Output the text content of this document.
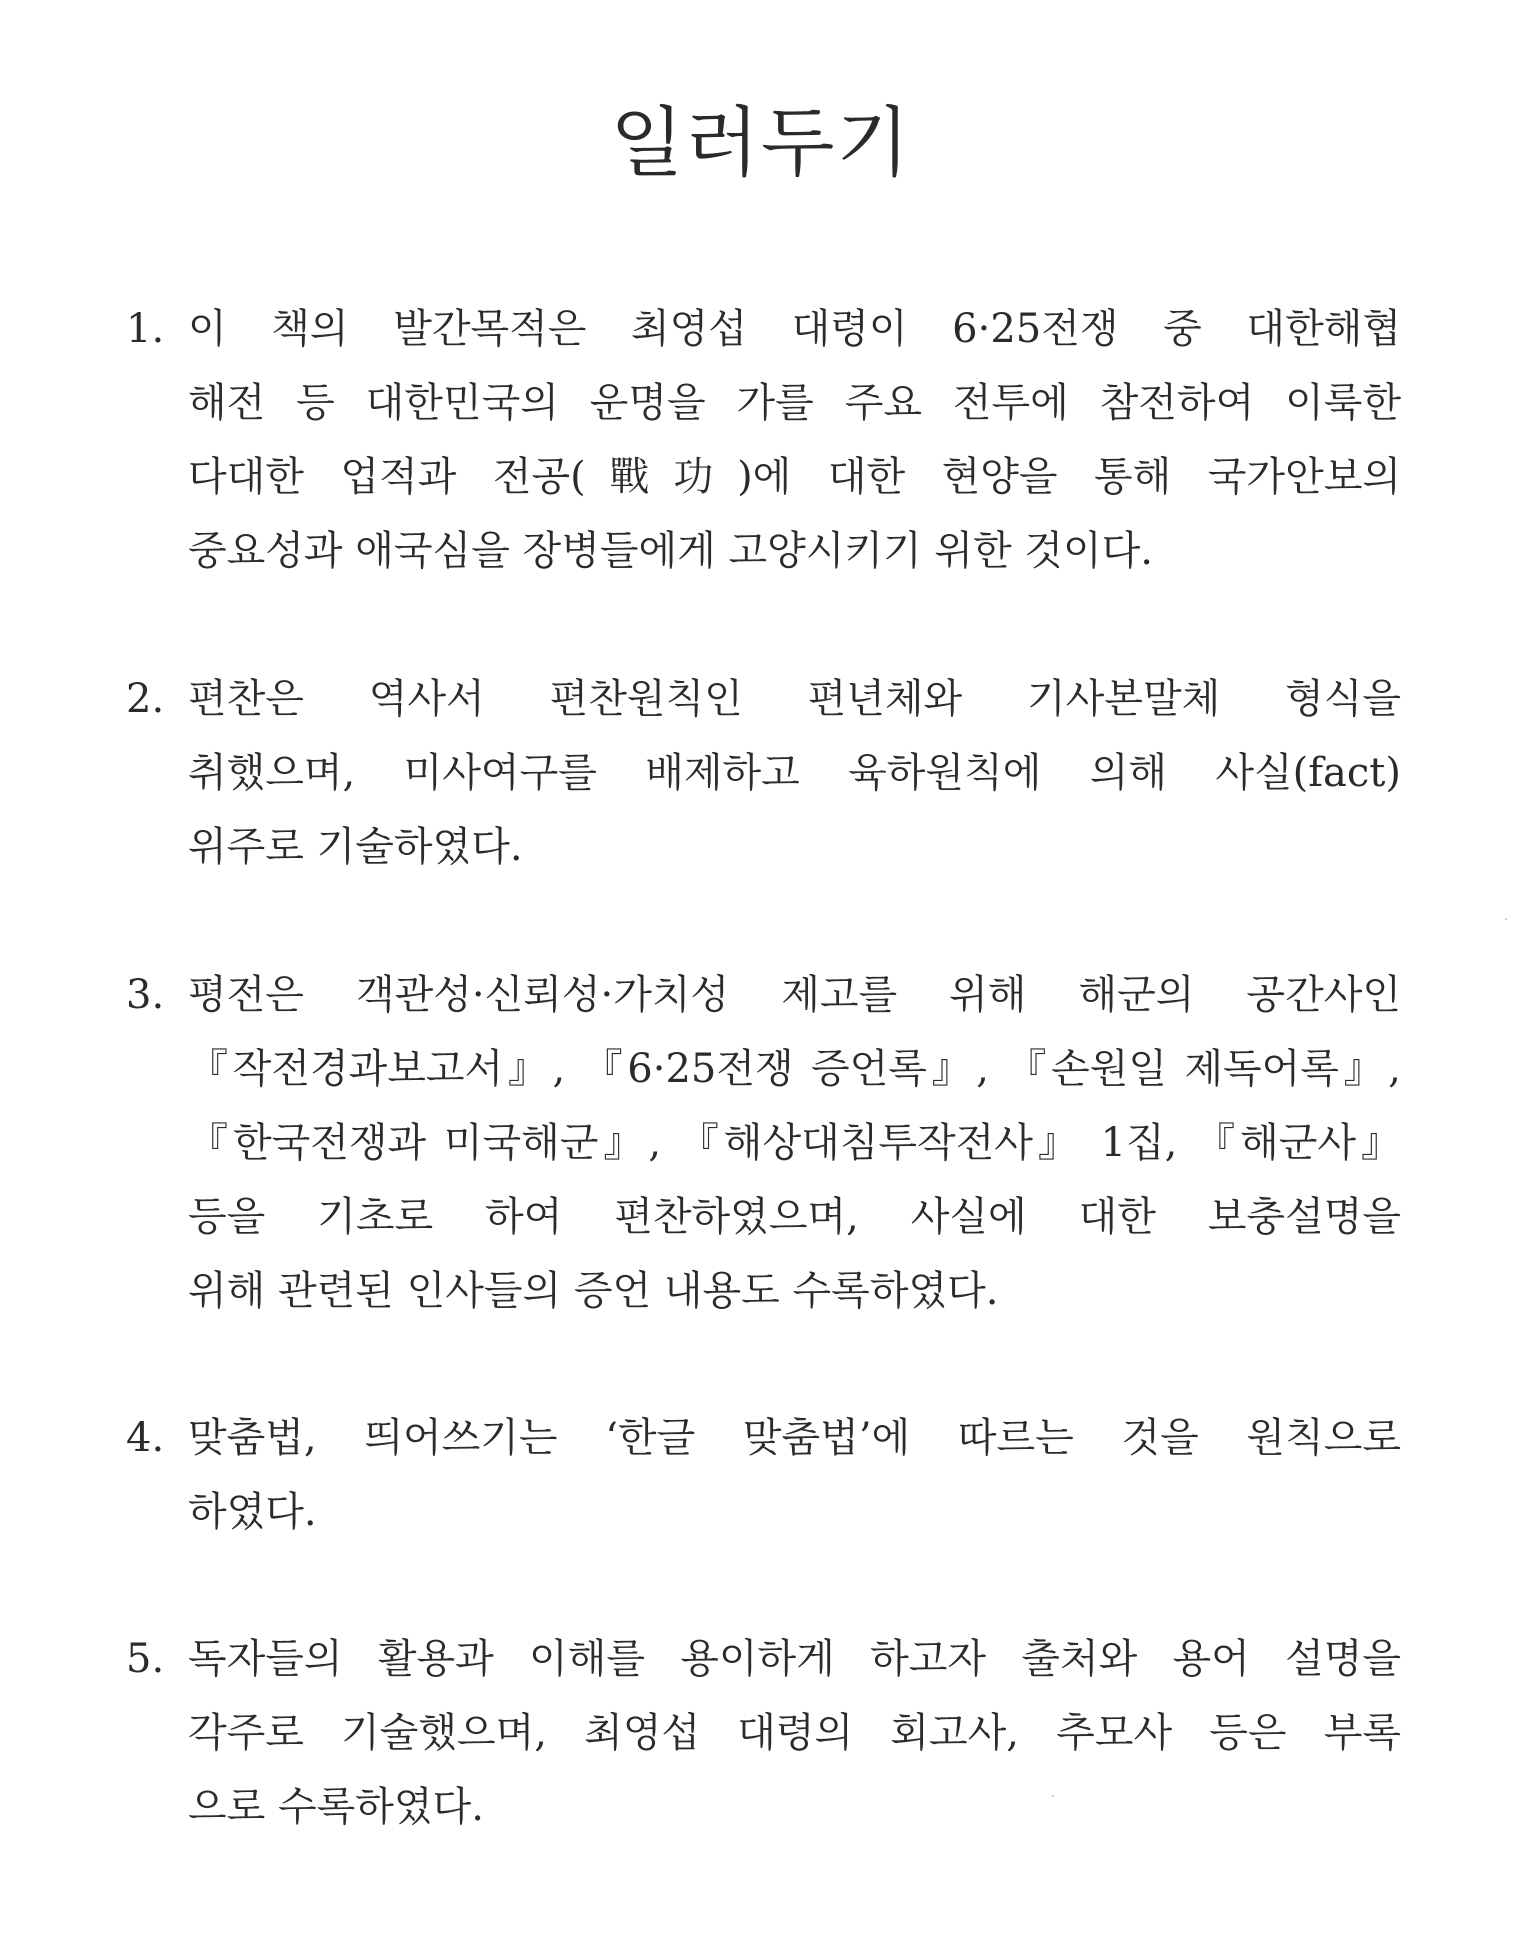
일러두기
1. 이 책의 발간목적은 최영섭 대령이 6·25전쟁 중 대한해협
해전 등 대한민국의 운명을 가를 주요 전투에 참전하여 이룩한
다대한 업적과 전공(戰功)에 대한 현양을 통해 국가안보의
중요성과 애국심을 장병들에게 고양시키기 위한 것이다.
2. 편찬은 역사서 편찬원칙인 편년체와 기사본말체 형식을
취했으며, 미사여구를 배제하고 육하원칙에 의해 사실(fact)
위주로 기술하였다.
3. 평전은 객관성·신뢰성·가치성 제고를 위해 해군의 공간사인
『작전경과보고서』, 『6·25전쟁 증언록』, 『손원일 제독어록』,
『한국전쟁과 미국해군』, 『해상대침투작전사』 1집, 『해군사』
등을 기초로 하여 편찬하였으며, 사실에 대한 보충설명을
위해 관련된 인사들의 증언 내용도 수록하였다.
4. 맞춤법, 띄어쓰기는 ‘한글 맞춤법’에 따르는 것을 원칙으로
하였다.
5. 독자들의 활용과 이해를 용이하게 하고자 출처와 용어 설명을
각주로 기술했으며, 최영섭 대령의 회고사, 추모사 등은 부록
으로 수록하였다.
